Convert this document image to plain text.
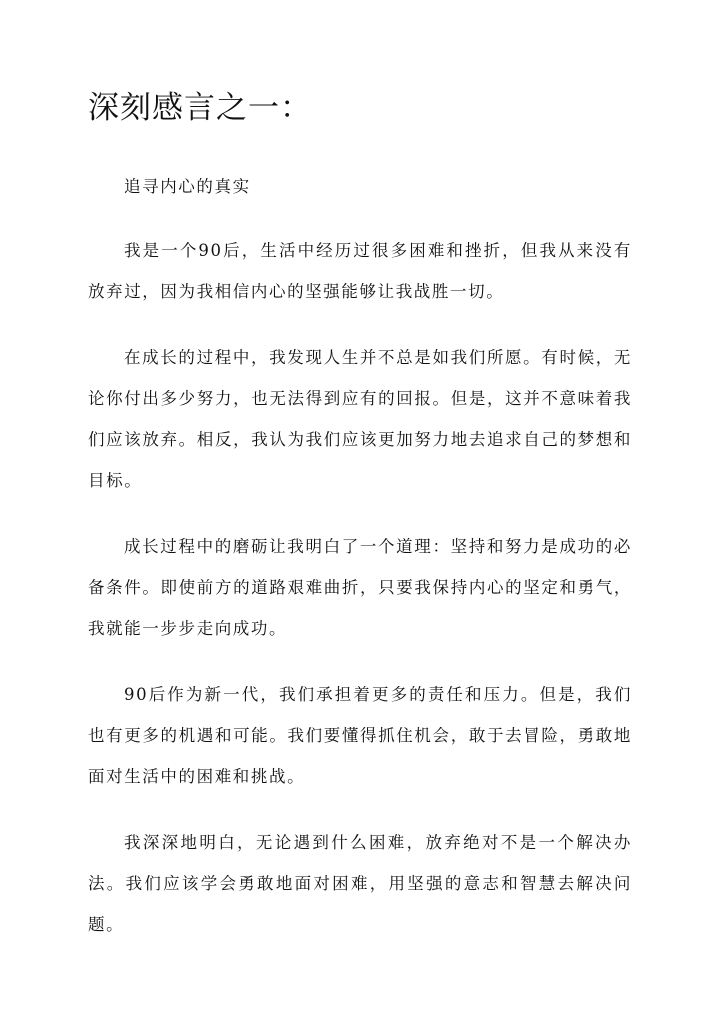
深刻感言之一：

追寻内心的真实

我是一个90后，生活中经历过很多困难和挫折，但我从来没有放弃过，因为我相信内心的坚强能够让我战胜一切。

在成长的过程中，我发现人生并不总是如我们所愿。有时候，无论你付出多少努力，也无法得到应有的回报。但是，这并不意味着我们应该放弃。相反，我认为我们应该更加努力地去追求自己的梦想和目标。

成长过程中的磨砺让我明白了一个道理：坚持和努力是成功的必备条件。即使前方的道路艰难曲折，只要我保持内心的坚定和勇气，我就能一步步走向成功。

90后作为新一代，我们承担着更多的责任和压力。但是，我们也有更多的机遇和可能。我们要懂得抓住机会，敢于去冒险，勇敢地面对生活中的困难和挑战。

我深深地明白，无论遇到什么困难，放弃绝对不是一个解决办法。我们应该学会勇敢地面对困难，用坚强的意志和智慧去解决问题。
